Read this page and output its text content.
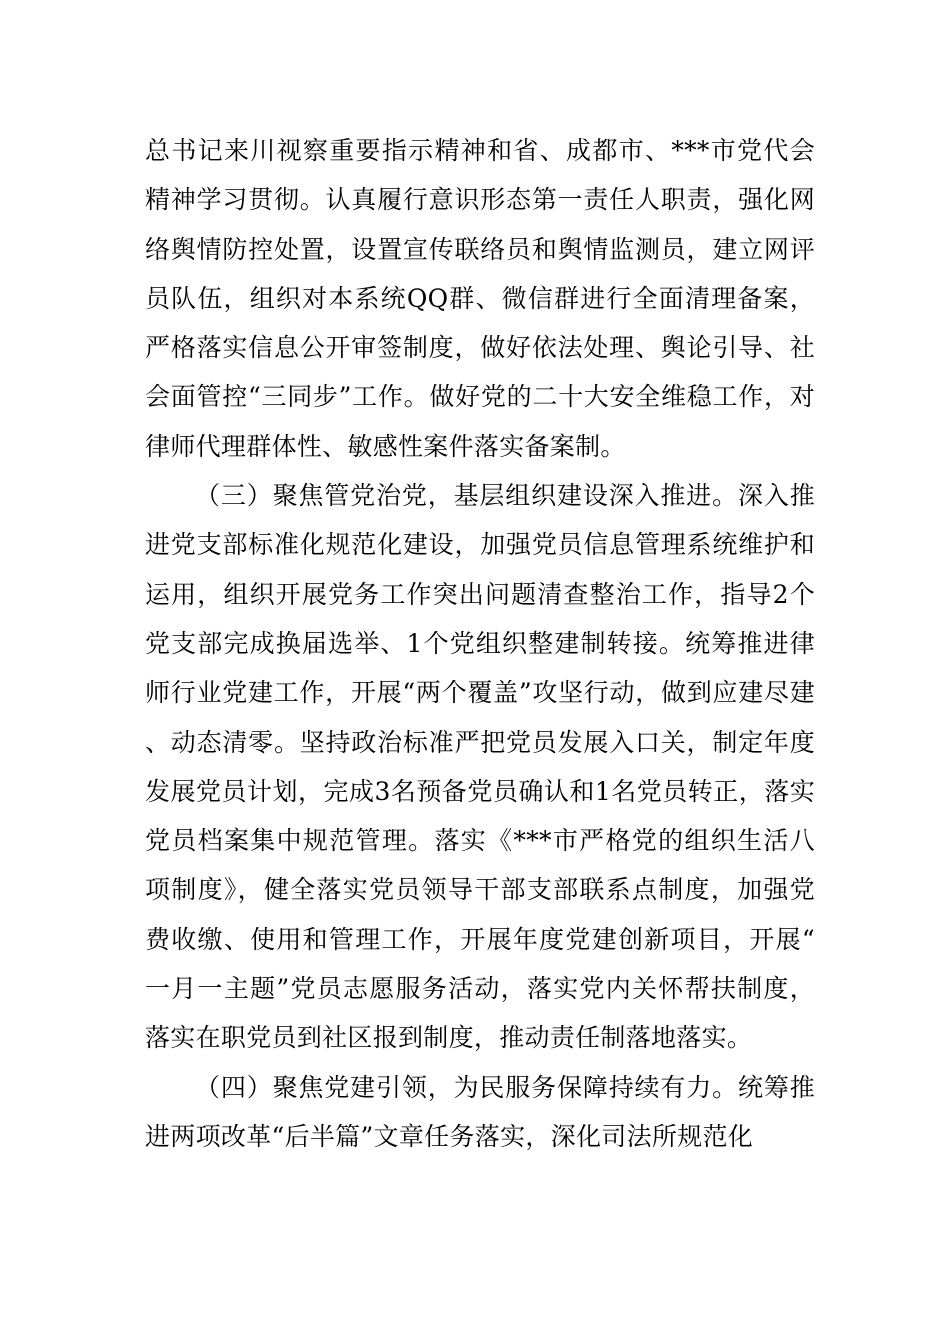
总书记来川视察重要指示精神和省、成都市、***市党代会精神学习贯彻。认真履行意识形态第一责任人职责，强化网络舆情防控处置，设置宣传联络员和舆情监测员，建立网评员队伍，组织对本系统QQ群、微信群进行全面清理备案，严格落实信息公开审签制度，做好依法处理、舆论引导、社会面管控“三同步”工作。做好党的二十大安全维稳工作，对律师代理群体性、敏感性案件落实备案制。

（三）聚焦管党治党，基层组织建设深入推进。深入推进党支部标准化规范化建设，加强党员信息管理系统维护和运用，组织开展党务工作突出问题清查整治工作，指导2个党支部完成换届选举、1个党组织整建制转接。统筹推进律师行业党建工作，开展“两个覆盖”攻坚行动，做到应建尽建、动态清零。坚持政治标准严把党员发展入口关，制定年度发展党员计划，完成3名预备党员确认和1名党员转正，落实党员档案集中规范管理。落实《***市严格党的组织生活八项制度》，健全落实党员领导干部支部联系点制度，加强党费收缴、使用和管理工作，开展年度党建创新项目，开展“一月一主题”党员志愿服务活动，落实党内关怀帮扶制度，落实在职党员到社区报到制度，推动责任制落地落实。

（四）聚焦党建引领，为民服务保障持续有力。统筹推进两项改革“后半篇”文章任务落实，深化司法所规范化
